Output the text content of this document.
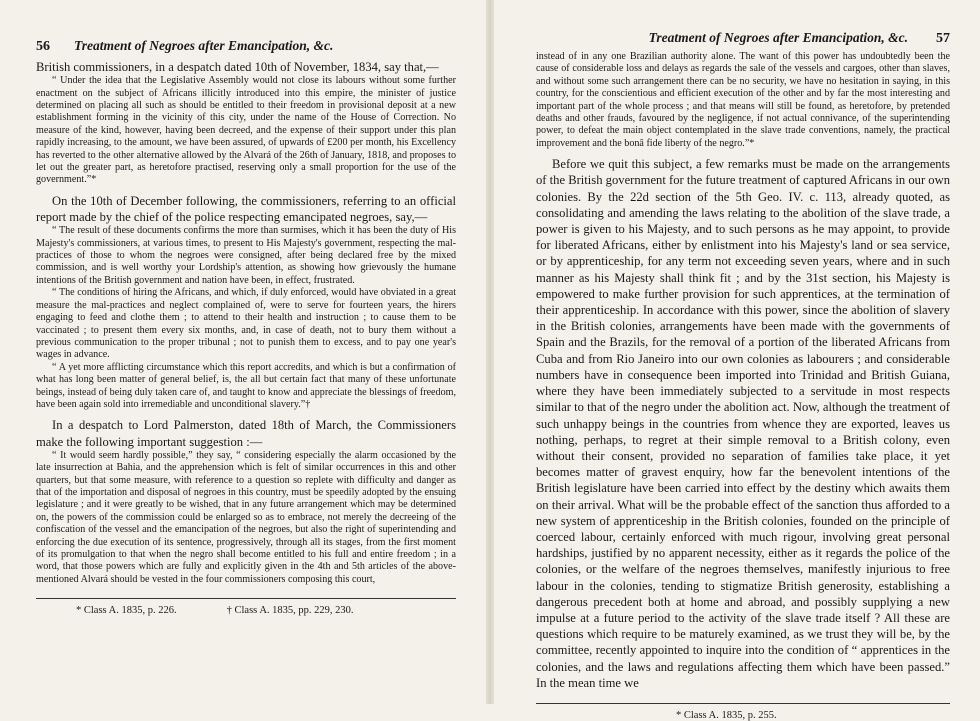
56	Treatment of Negroes after Emancipation, &c.

British commissioners, in a despatch dated 10th of November, 1834, say that,—

“ Under the idea that the Legislative Assembly would not close its labours without some further enactment on the subject of Africans illicitly introduced into this empire, the minister of justice determined on placing all such as should be entitled to their freedom in provisional deposit at a new establishment forming in the vicinity of this city, under the name of the House of Correction. No measure of the kind, however, having been decreed, and the expense of their support under this plan rapidly increasing, to the amount, we have been assured, of upwards of £200 per month, his Excellency has reverted to the other alternative allowed by the Alvará of the 26th of January, 1818, and proposes to let out the greater part, as heretofore practised, reserving only a small proportion for the use of the government.”*

On the 10th of December following, the commissioners, referring to an official report made by the chief of the police respecting emancipated negroes, say,—

“ The result of these documents confirms the more than surmises, which it has been the duty of His Majesty's commissioners, at various times, to present to His Majesty's government, respecting the mal-practices of those to whom the negroes were consigned, after being declared free by the mixed commission, and is well worthy your Lordship's attention, as showing how grievously the humane intentions of the British government and nation have been, in effect, frustrated.

“ The conditions of hiring the Africans, and which, if duly enforced, would have obviated in a great measure the mal-practices and neglect complained of, were to serve for fourteen years, the hirers engaging to feed and clothe them ; to attend to their health and instruction ; to cause them to be vaccinated ; to present them every six months, and, in case of death, not to bury them without a previous communication to the proper tribunal ; not to punish them to excess, and to pay one year's wages in advance.

“ A yet more afflicting circumstance which this report accredits, and which is but a confirmation of what has long been matter of general belief, is, the all but certain fact that many of these unfortunate beings, instead of being duly taken care of, and taught to know and appreciate the blessings of freedom, have been again sold into irremediable and unconditional slavery.”†

In a despatch to Lord Palmerston, dated 18th of March, the Commissioners make the following important suggestion :—

“ It would seem hardly possible,” they say, “ considering especially the alarm occasioned by the late insurrection at Bahia, and the apprehension which is felt of similar occurrences in this and other quarters, but that some measure, with reference to a question so replete with difficulty and danger as that of the importation and disposal of negroes in this country, must be speedily adopted by the ensuing legislature ; and it were greatly to be wished, that in any future arrangement which may be determined on, the powers of the commission could be enlarged so as to embrace, not merely the decreeing of the confiscation of the vessel and the emancipation of the negroes, but also the right of superintending and enforcing the due execution of its sentence, progressively, through all its stages, from the first moment of its promulgation to that when the negro shall become entitled to his full and entire freedom ; in a word, that those powers which are fully and explicitly given in the 4th and 5th articles of the above-mentioned Alvará should be vested in the four commissioners composing this court,

* Class A. 1835, p. 226.	† Class A. 1835, pp. 229, 230.
Treatment of Negroes after Emancipation, &c.	57

instead of in any one Brazilian authority alone. The want of this power has undoubtedly been the cause of considerable loss and delays as regards the sale of the vessels and cargoes, other than slaves, and without some such arrangement there can be no security, we have no hesitation in saying, in this country, for the conscientious and efficient execution of the other and by far the most interesting and important part of the whole process ; and that means will still be found, as heretofore, by pretended deaths and other frauds, favoured by the negligence, if not actual connivance, of the superintending power, to defeat the main object contemplated in the slave trade conventions, namely, the practical improvement and the bonâ fide liberty of the negro.”*

Before we quit this subject, a few remarks must be made on the arrangements of the British government for the future treatment of captured Africans in our own colonies. By the 22d section of the 5th Geo. IV. c. 113, already quoted, as consolidating and amending the laws relating to the abolition of the slave trade, a power is given to his Majesty, and to such persons as he may appoint, to provide for liberated Africans, either by enlistment into his Majesty's land or sea service, or by apprenticeship, for any term not exceeding seven years, where and in such manner as his Majesty shall think fit ; and by the 31st section, his Majesty is empowered to make further provision for such apprentices, at the termination of their apprenticeship. In accordance with this power, since the abolition of slavery in the British colonies, arrangements have been made with the governments of Spain and the Brazils, for the removal of a portion of the liberated Africans from Cuba and from Rio Janeiro into our own colonies as labourers ; and considerable numbers have in consequence been imported into Trinidad and British Guiana, where they have been immediately subjected to a servitude in most respects similar to that of the negro under the abolition act. Now, although the treatment of such unhappy beings in the countries from whence they are exported, leaves us nothing, perhaps, to regret at their simple removal to a British colony, even without their consent, provided no separation of families take place, it yet becomes matter of gravest enquiry, how far the benevolent intentions of the British legislature have been carried into effect by the destiny which awaits them on their arrival. What will be the probable effect of the sanction thus afforded to a new system of apprenticeship in the British colonies, founded on the principle of coerced labour, certainly enforced with much rigour, involving great personal hardships, justified by no apparent necessity, either as it regards the police of the colonies, or the welfare of the negroes themselves, manifestly injurious to free labour in the colonies, tending to stigmatize British generosity, establishing a dangerous precedent both at home and abroad, and possibly supplying a new impulse at a future period to the activity of the slave trade itself ? All these are questions which require to be maturely examined, as we trust they will be, by the committee, recently appointed to inquire into the condition of “ apprentices in the colonies, and the laws and regulations affecting them which have been passed.” In the mean time we

* Class A. 1835, p. 255.
